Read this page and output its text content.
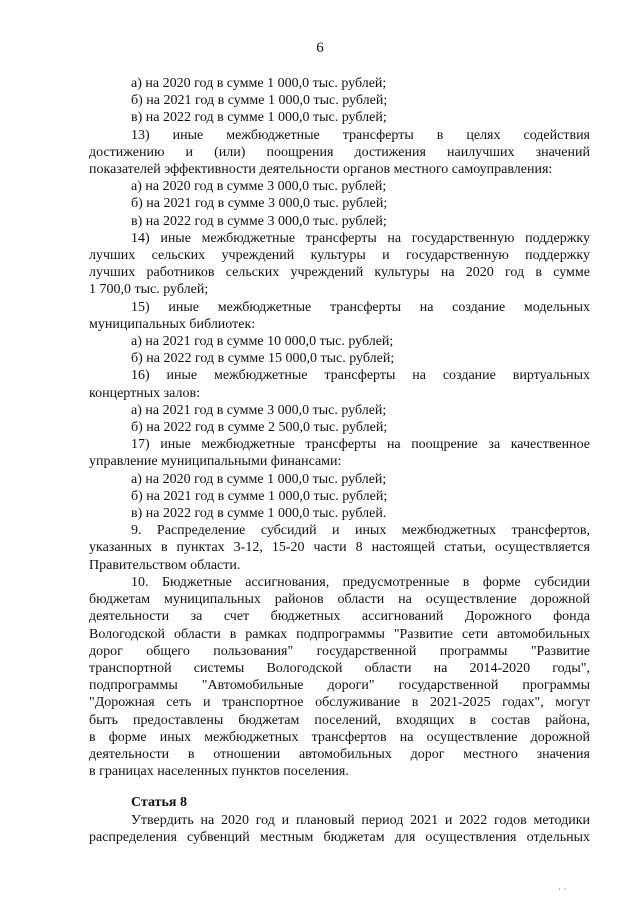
6

а) на 2020 год в сумме 1 000,0 тыс. рублей;

б) на 2021 год в сумме 1 000,0 тыс. рублей;

в) на 2022 год в сумме 1 000,0 тыс. рублей;

13) иные межбюджетные трансферты в целях содействия

достижению и (или) поощрения достижения наилучших значений

показателей эффективности деятельности органов местного самоуправления:

а) на 2020 год в сумме 3 000,0 тыс. рублей;

б) на 2021 год в сумме 3 000,0 тыс. рублей;

в) на 2022 год в сумме 3 000,0 тыс. рублей;

14) иные межбюджетные трансферты на государственную поддержку

лучших сельских учреждений культуры и государственную поддержку

лучших работников сельских учреждений культуры на 2020 год в сумме

1 700,0 тыс. рублей;

15) иные межбюджетные трансферты на создание модельных

муниципальных библиотек:

а) на 2021 год в сумме 10 000,0 тыс. рублей;

б) на 2022 год в сумме 15 000,0 тыс. рублей;

16) иные межбюджетные трансферты на создание виртуальных

концертных залов:

а) на 2021 год в сумме 3 000,0 тыс. рублей;

б) на 2022 год в сумме 2 500,0 тыс. рублей;

17) иные межбюджетные трансферты на поощрение за качественное

управление муниципальными финансами:

а) на 2020 год в сумме 1 000,0 тыс. рублей;

б) на 2021 год в сумме 1 000,0 тыс. рублей;

в) на 2022 год в сумме 1 000,0 тыс. рублей.

9. Распределение субсидий и иных межбюджетных трансфертов,

указанных в пунктах 3-12, 15-20 части 8 настоящей статьи, осуществляется

Правительством области.

10. Бюджетные ассигнования, предусмотренные в форме субсидии

бюджетам муниципальных районов области на осуществление дорожной

деятельности за счет бюджетных ассигнований Дорожного фонда

Вологодской области в рамках подпрограммы "Развитие сети автомобильных

дорог общего пользования" государственной программы "Развитие

транспортной системы Вологодской области на 2014-2020 годы",

подпрограммы "Автомобильные дороги" государственной программы

"Дорожная сеть и транспортное обслуживание в 2021-2025 годах", могут

быть предоставлены бюджетам поселений, входящих в состав района,

в форме иных межбюджетных трансфертов на осуществление дорожной

деятельности в отношении автомобильных дорог местного значения

в границах населенных пунктов поселения.

Статья 8

Утвердить на 2020 год и плановый период 2021 и 2022 годов методики

распределения субвенций местным бюджетам для осуществления отдельных

· ·
